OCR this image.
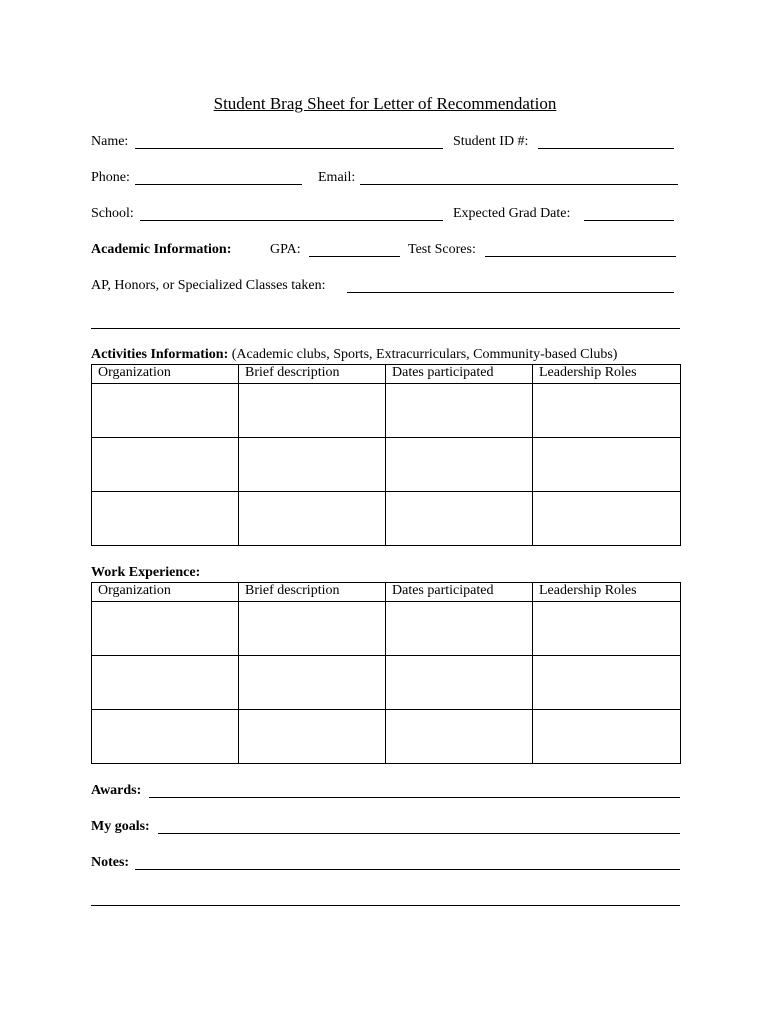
Student Brag Sheet for Letter of Recommendation
Name:	Student ID #:
Phone:	Email:
School:	Expected Grad Date:
Academic Information:	GPA:	Test Scores:
AP, Honors, or Specialized Classes taken:
Activities Information: (Academic clubs, Sports, Extracurriculars, Community-based Clubs)
Organization	Brief description	Dates participated	Leadership Roles

Work Experience:
Organization	Brief description	Dates participated	Leadership Roles

Awards:
My goals:
Notes:
